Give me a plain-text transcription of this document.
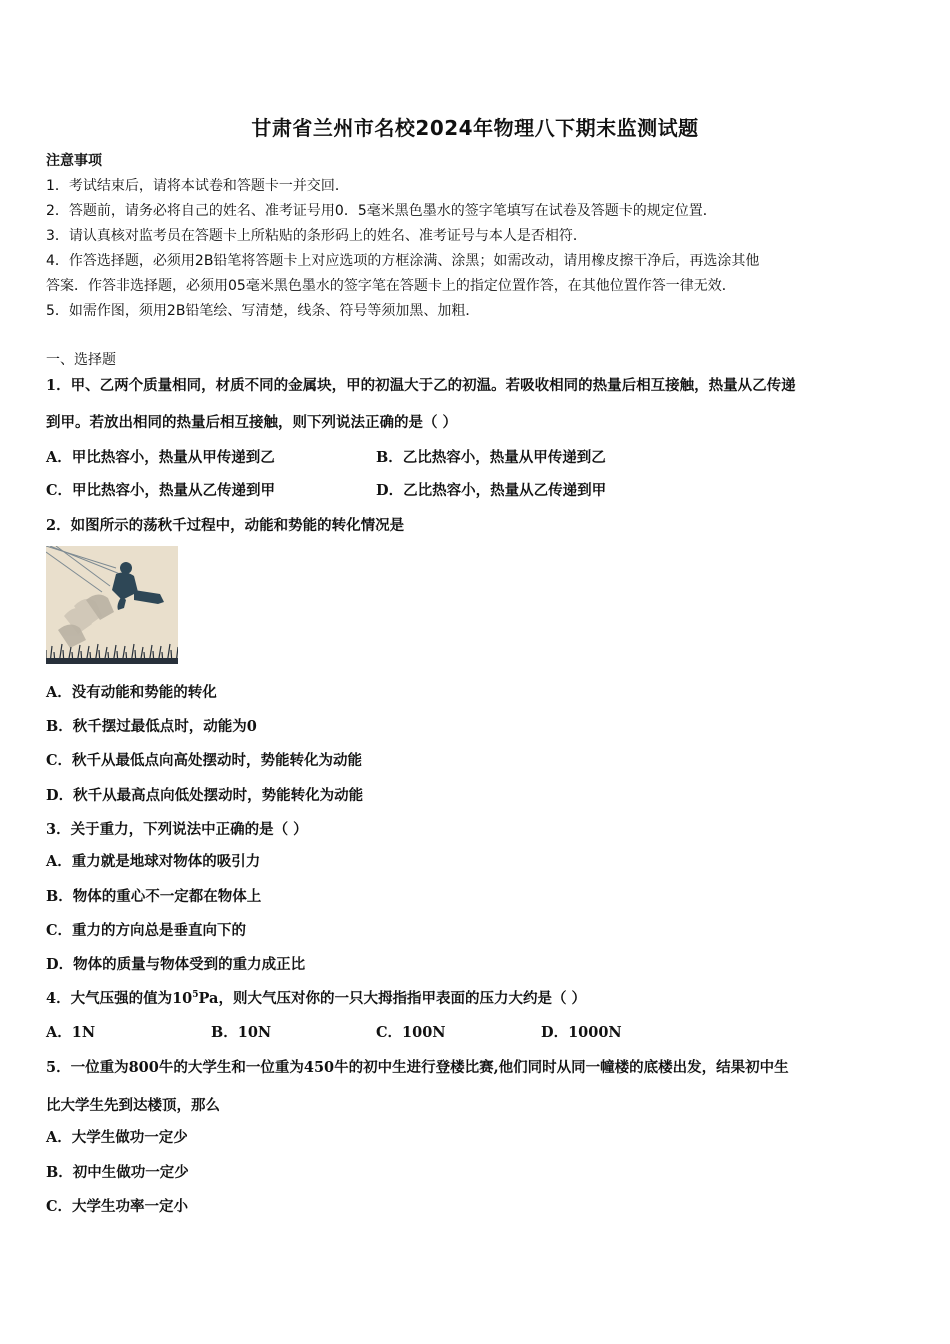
甘肃省兰州市名校2024年物理八下期末监测试题
注意事项
1．考试结束后，请将本试卷和答题卡一并交回．
2．答题前，请务必将自己的姓名、准考证号用0．5毫米黑色墨水的签字笔填写在试卷及答题卡的规定位置．
3．请认真核对监考员在答题卡上所粘贴的条形码上的姓名、准考证号与本人是否相符．
4．作答选择题，必须用2B铅笔将答题卡上对应选项的方框涂满、涂黑；如需改动，请用橡皮擦干净后，再选涂其他
答案．作答非选择题，必须用05毫米黑色墨水的签字笔在答题卡上的指定位置作答，在其他位置作答一律无效．
5．如需作图，须用2B铅笔绘、写清楚，线条、符号等须加黑、加粗．
一、选择题
1．甲、乙两个质量相同，材质不同的金属块，甲的初温大于乙的初温。若吸收相同的热量后相互接触，热量从乙传递
到甲。若放出相同的热量后相互接触，则下列说法正确的是（ ）
A．甲比热容小，热量从甲传递到乙	B．乙比热容小，热量从甲传递到乙
C．甲比热容小，热量从乙传递到甲	D．乙比热容小，热量从乙传递到甲
2．如图所示的荡秋千过程中，动能和势能的转化情况是
A．没有动能和势能的转化
B．秋千摆过最低点时，动能为0
C．秋千从最低点向高处摆动时，势能转化为动能
D．秋千从最高点向低处摆动时，势能转化为动能
3．关于重力，下列说法中正确的是（ ）
A．重力就是地球对物体的吸引力
B．物体的重心不一定都在物体上
C．重力的方向总是垂直向下的
D．物体的质量与物体受到的重力成正比
4．大气压强的值为$10^5Pa$，则大气压对你的一只大拇指指甲表面的压力大约是（ ）
A．1N	B．10N	C．100N	D．1000N
5．一位重为800牛的大学生和一位重为450牛的初中生进行登楼比赛,他们同时从同一幢楼的底楼出发，结果初中生
比大学生先到达楼顶，那么
A．大学生做功一定少
B．初中生做功一定少
C．大学生功率一定小
